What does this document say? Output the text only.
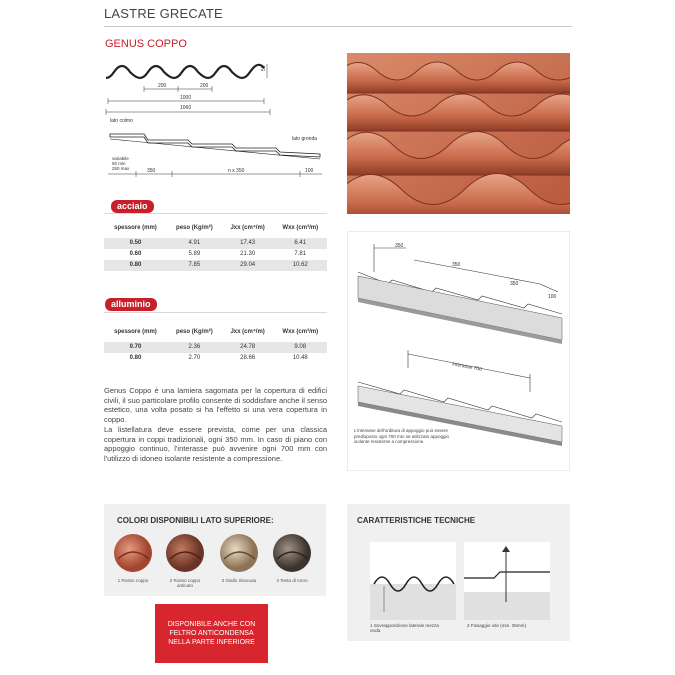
LASTRE GRECATE
GENUS COPPO
200	200
50
1000
1060
lato colmo
lato gronda
variabile
50 min
250 max	350	n x 350	100
acciaio
spessore (mm)	peso (Kg/m²)	Jxx (cm⁴/m)	Wxx (cm³/m)
0.50	4.91	17.43	6.41
0.60	5.89	21.30	7.81
0.80	7.85	29.04	10.62
alluminio
spessore (mm)	peso (Kg/m²)	Jxx (cm⁴/m)	Wxx (cm³/m)
0.70	2.36	24.78	9.08
0.80	2.70	28.66	10.48

Genus Coppo è una lamiera sagomata per la copertura di edifici civili, il suo particolare profilo consente di soddisfare anche il senso estetico, una volta posato si ha l'effetto si una vera copertura in coppo.

La listellatura deve essere prevista, come per una classica copertura in coppi tradizionali, ogni 350 mm. In caso di piano con appoggio continuo, l'interasse può avvenire ogni 700 mm con l'utilizzo di idoneo isolante resistente a compressione.

350
350
350
100
interasse 700
L'interasse dell'orditura di appoggio può essere predisposto ogni 700 mm se utilizzato appoggio isolante resistente a compressione.
COLORI DISPONIBILI LATO SUPERIORE:
1 Rosso coppo	2 Rosso coppo anticato
3 Giallo Siracusa	4 Testa di moro
CARATTERISTICHE TECNICHE
1 Sovrapposizione laterale mezza onda
2 Fissaggio vite (min. 35mm)
DISPONIBILE ANCHE CON
FELTRO ANTICONDENSA
NELLA PARTE INFERIORE
